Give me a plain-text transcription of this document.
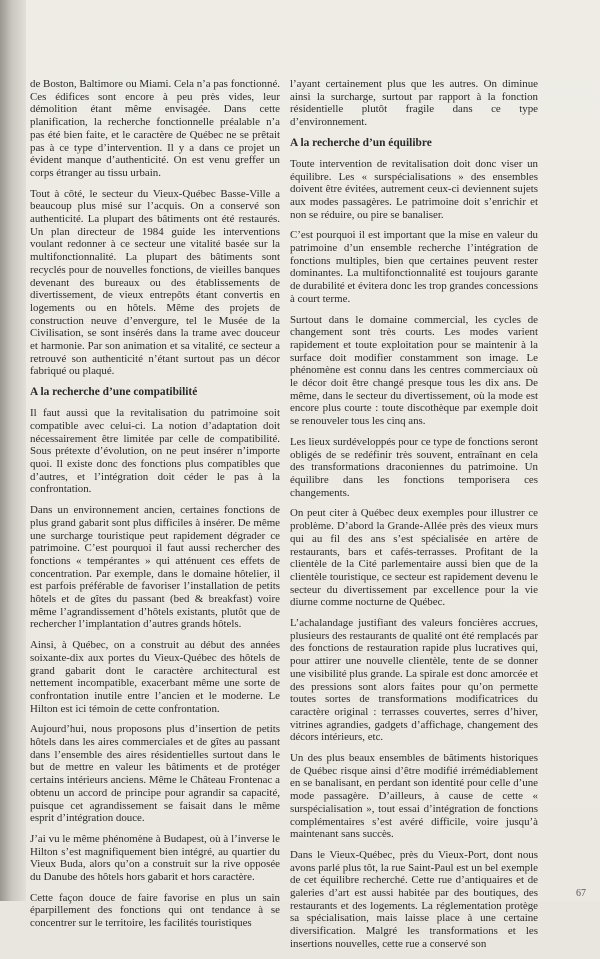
de Boston, Baltimore ou Miami. Cela n’a pas fonctionné. Ces édifices sont encore à peu près vides, leur démolition étant même envisagée. Dans cette planification, la recherche fonctionnelle préalable n’a pas été bien faite, et le caractère de Québec ne se prêtait pas à ce type d’intervention. Il y a dans ce projet un évident manque d’authenticité. On est venu greffer un corps étranger au tissu urbain.

Tout à côté, le secteur du Vieux-Québec Basse-Ville a beaucoup plus misé sur l’acquis. On a conservé son authenticité. La plupart des bâtiments ont été restaurés. Un plan directeur de 1984 guide les interventions voulant redonner à ce secteur une vitalité basée sur la multifonctionnalité. La plupart des bâtiments sont recyclés pour de nouvelles fonctions, de vieilles banques devenant des bureaux ou des établissements de divertissement, de vieux entrepôts étant convertis en logements ou en hôtels. Même des projets de construction neuve d’envergure, tel le Musée de la Civilisation, se sont insérés dans la trame avec douceur et harmonie. Par son animation et sa vitalité, ce secteur a retrouvé son authenticité n’étant surtout pas un décor fabriqué ou plaqué.

A la recherche d’une compatibilité

Il faut aussi que la revitalisation du patrimoine soit compatible avec celui-ci. La notion d’adaptation doit nécessairement être limitée par celle de compatibilité. Sous prétexte d’évolution, on ne peut insérer n’importe quoi. Il existe donc des fonctions plus compatibles que d’autres, et l’intégration doit céder le pas à la confrontation.

Dans un environnement ancien, certaines fonctions de plus grand gabarit sont plus difficiles à insérer. De même une surcharge touristique peut rapidement dégrader ce patrimoine. C’est pourquoi il faut aussi rechercher des fonctions « tempérantes » qui atténuent ces effets de concentration. Par exemple, dans le domaine hôtelier, il est parfois préférable de favoriser l’installation de petits hôtels et de gîtes du passant (bed & breakfast) voire même l’agrandissement d’hôtels existants, plutôt que de rechercher l’implantation d’autres grands hôtels.

Ainsi, à Québec, on a construit au début des années soixante-dix aux portes du Vieux-Québec des hôtels de grand gabarit dont le caractère architectural est nettement incompatible, exacerbant même une sorte de confrontation inutile entre l’ancien et le moderne. Le Hilton est ici témoin de cette confrontation.

Aujourd’hui, nous proposons plus d’insertion de petits hôtels dans les aires commerciales et de gîtes au passant dans l’ensemble des aires résidentielles surtout dans le but de mettre en valeur les bâtiments et de protéger certains intérieurs anciens. Même le Château Frontenac a obtenu un accord de principe pour agrandir sa capacité, puisque cet agrandissement se faisait dans le même esprit d’intégration douce.

J’ai vu le même phénomène à Budapest, où à l’inverse le Hilton s’est magnifiquement bien intégré, au quartier du Vieux Buda, alors qu’on a construit sur la rive opposée du Danube des hôtels hors gabarit et hors caractère.

Cette façon douce de faire favorise en plus un sain éparpillement des fonctions qui ont tendance à se concentrer sur le territoire, les facilités touristiques

l’ayant certainement plus que les autres. On diminue ainsi la surcharge, surtout par rapport à la fonction résidentielle plutôt fragile dans ce type d’environnement.

A la recherche d’un équilibre

Toute intervention de revitalisation doit donc viser un équilibre. Les « surspécialisations » des ensembles doivent être évitées, autrement ceux-ci deviennent sujets aux modes passagères. Le patrimoine doit s’enrichir et non se réduire, ou pire se banaliser.

C’est pourquoi il est important que la mise en valeur du patrimoine d’un ensemble recherche l’intégration de fonctions multiples, bien que certaines peuvent rester dominantes. La multifonctionnalité est toujours garante de durabilité et évitera donc les trop grandes concessions à court terme.

Surtout dans le domaine commercial, les cycles de changement sont très courts. Les modes varient rapidement et toute exploitation pour se maintenir à la surface doit modifier constamment son image. Le phénomène est connu dans les centres commerciaux où le décor doit être changé presque tous les dix ans. De même, dans le secteur du divertissement, où la mode est encore plus courte : toute discothèque par exemple doit se renouveler tous les cinq ans.

Les lieux surdéveloppés pour ce type de fonctions seront obligés de se redéfinir très souvent, entraînant en cela des transformations draconiennes du patrimoine. Un équilibre dans les fonctions temporisera ces changements.

On peut citer à Québec deux exemples pour illustrer ce problème. D’abord la Grande-Allée près des vieux murs qui au fil des ans s’est spécialisée en artère de restaurants, bars et cafés-terrasses. Profitant de la clientèle de la Cité parlementaire aussi bien que de la clientèle touristique, ce secteur est rapidement devenu le secteur du divertissement par excellence pour la vie diurne comme nocturne de Québec.

L’achalandage justifiant des valeurs foncières accrues, plusieurs des restaurants de qualité ont été remplacés par des fonctions de restauration rapide plus lucratives qui, pour attirer une nouvelle clientèle, tente de se donner une visibilité plus grande. La spirale est donc amorcée et des pressions sont alors faites pour qu’on permette toutes sortes de transformations modificatrices du caractère original : terrasses couvertes, serres d’hiver, vitrines agrandies, gadgets d’affichage, changement des décors intérieurs, etc.

Un des plus beaux ensembles de bâtiments historiques de Québec risque ainsi d’être modifié irrémédiablement en se banalisant, en perdant son identité pour celle d’une mode passagère. D’ailleurs, à cause de cette « surspécialisation », tout essai d’intégration de fonctions complémentaires s’est avéré difficile, voire jusqu’à maintenant sans succès.

Dans le Vieux-Québec, près du Vieux-Port, dont nous avons parlé plus tôt, la rue Saint-Paul est un bel exemple de cet équilibre recherché. Cette rue d’antiquaires et de galeries d’art est aussi habitée par des boutiques, des restaurants et des logements. La réglementation protège sa spécialisation, mais laisse place à une certaine diversification. Malgré les transformations et les insertions nouvelles, cette rue a conservé son

67
